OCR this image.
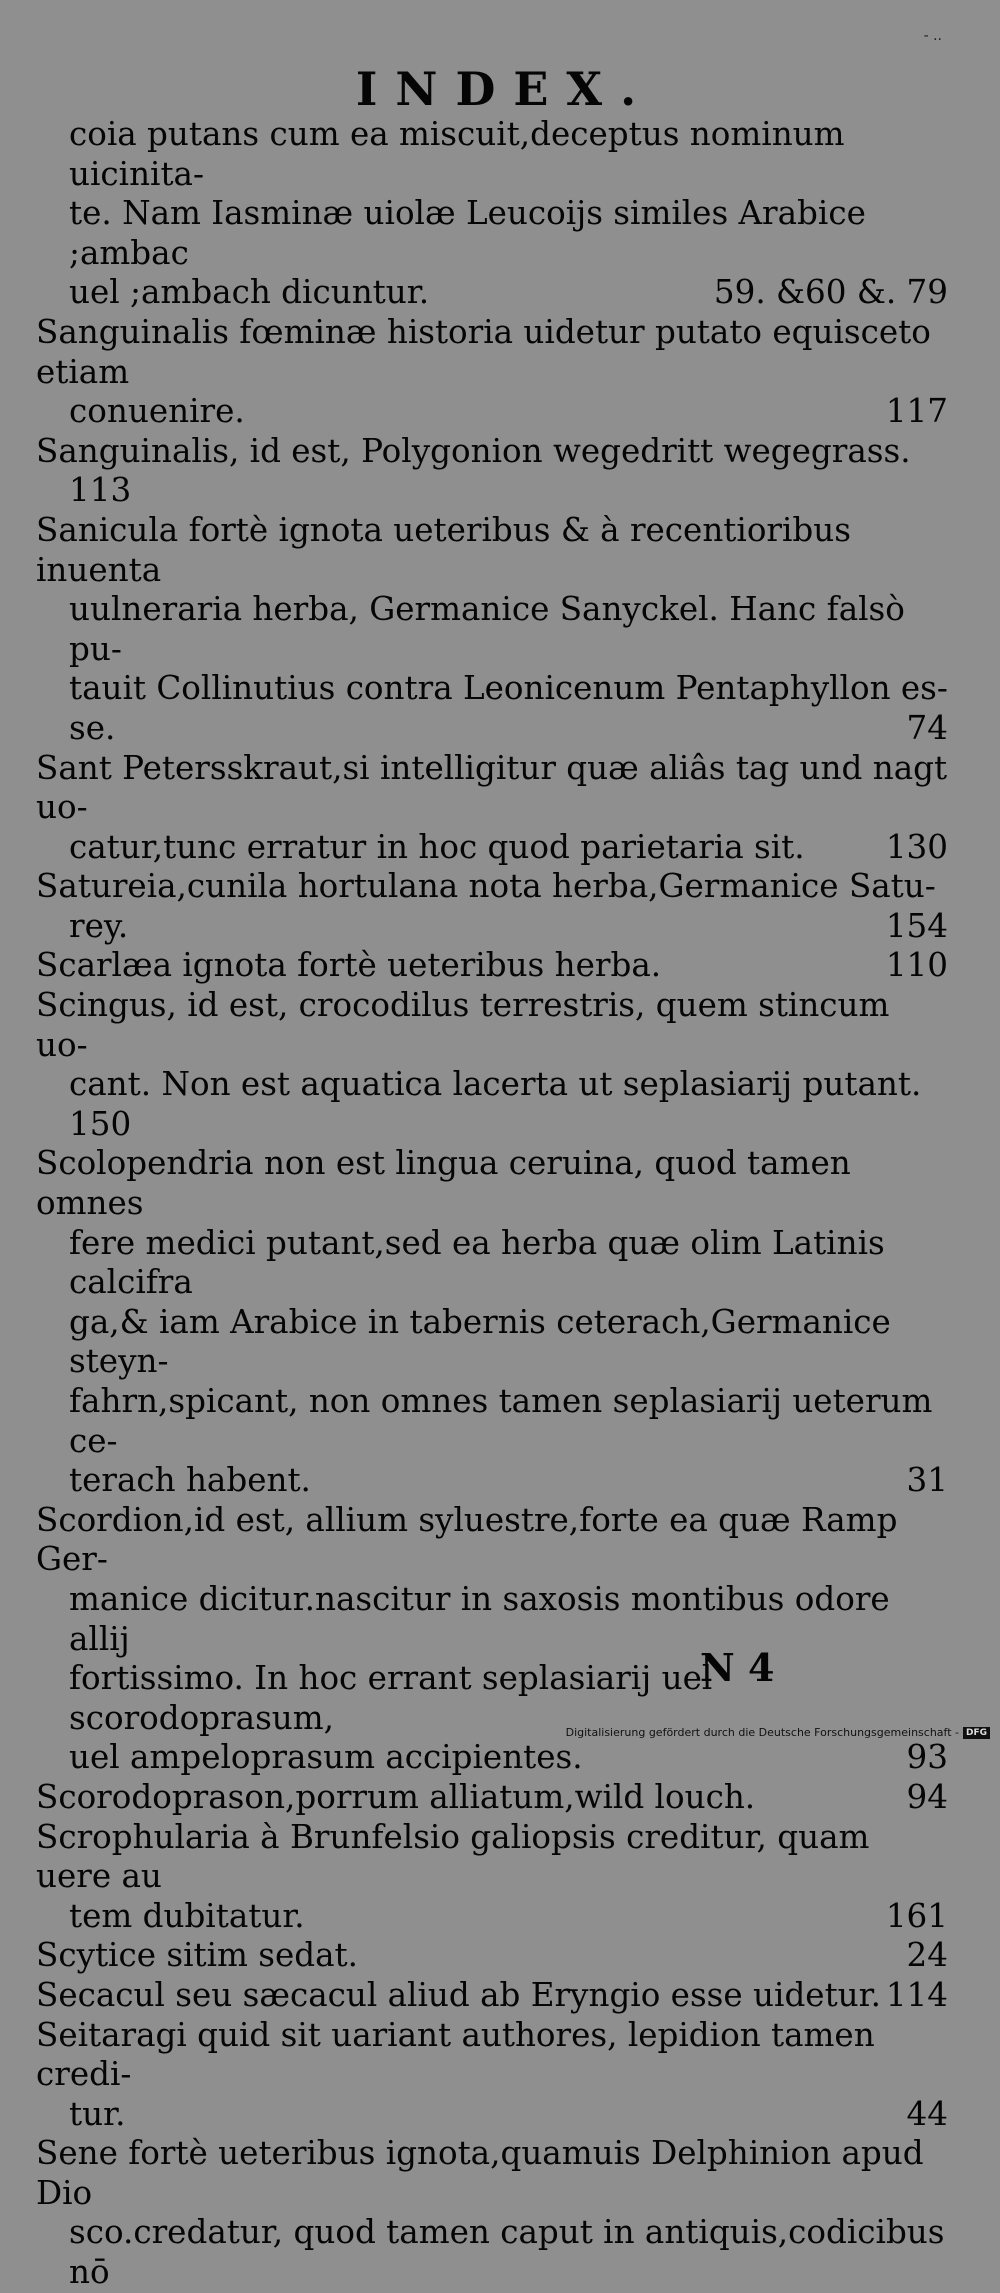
- ..
INDEX.
coia putans cum ea miscuit,deceptus nominum uicinita-
te. Nam Iasminæ uiolæ Leucoijs similes Arabice ;ambac
uel ;ambach dicuntur.	59. &60 &. 79
Sanguinalis fœminæ historia uidetur putato equisceto etiam
conuenire.	117
Sanguinalis, id est, Polygonion wegedritt wegegrass.
113
Sanicula fortè ignota ueteribus & à recentioribus inuenta
uulneraria herba, Germanice Sanyckel. Hanc falsò pu-
tauit Collinutius contra Leonicenum Pentaphyllon es-
se.	74
Sant Petersskraut,si intelligitur quæ aliâs tag und nagt uo-
catur,tunc erratur in hoc quod parietaria sit. 130
Satureia,cunila hortulana nota herba,Germanice Satu-
rey.	154
Scarlæa ignota fortè ueteribus herba.	110
Scingus, id est, crocodilus terrestris, quem stincum uo-
cant. Non est aquatica lacerta ut seplasiarij putant.
150
Scolopendria non est lingua ceruina, quod tamen omnes
fere medici putant,sed ea herba quæ olim Latinis calcifra
ga,& iam Arabice in tabernis ceterach,Germanice steyn-
fahrn,spicant, non omnes tamen seplasiarij ueterum ce-
terach habent.	31
Scordion,id est, allium syluestre,forte ea quæ Ramp Ger-
manice dicitur.nascitur in saxosis montibus odore allij
fortissimo. In hoc errant seplasiarij uel scorodoprasum,
uel ampeloprasum accipientes.	93
Scorodoprason,porrum alliatum,wild louch.	94
Scrophularia à Brunfelsio galiopsis creditur, quam uere au
tem dubitatur.	161
Scytice sitim sedat.	24
Secacul seu sæcacul aliud ab Eryngio esse uidetur. 114
Seitaragi quid sit uariant authores, lepidion tamen credi-
tur.	44
Sene fortè ueteribus ignota,quamuis Delphinion apud Dio
sco.credatur, quod tamen caput in antiquis,codicibus nō
N 4
Digitalisierung gefördert durch die Deutsche Forschungsgemeinschaft - DFG
